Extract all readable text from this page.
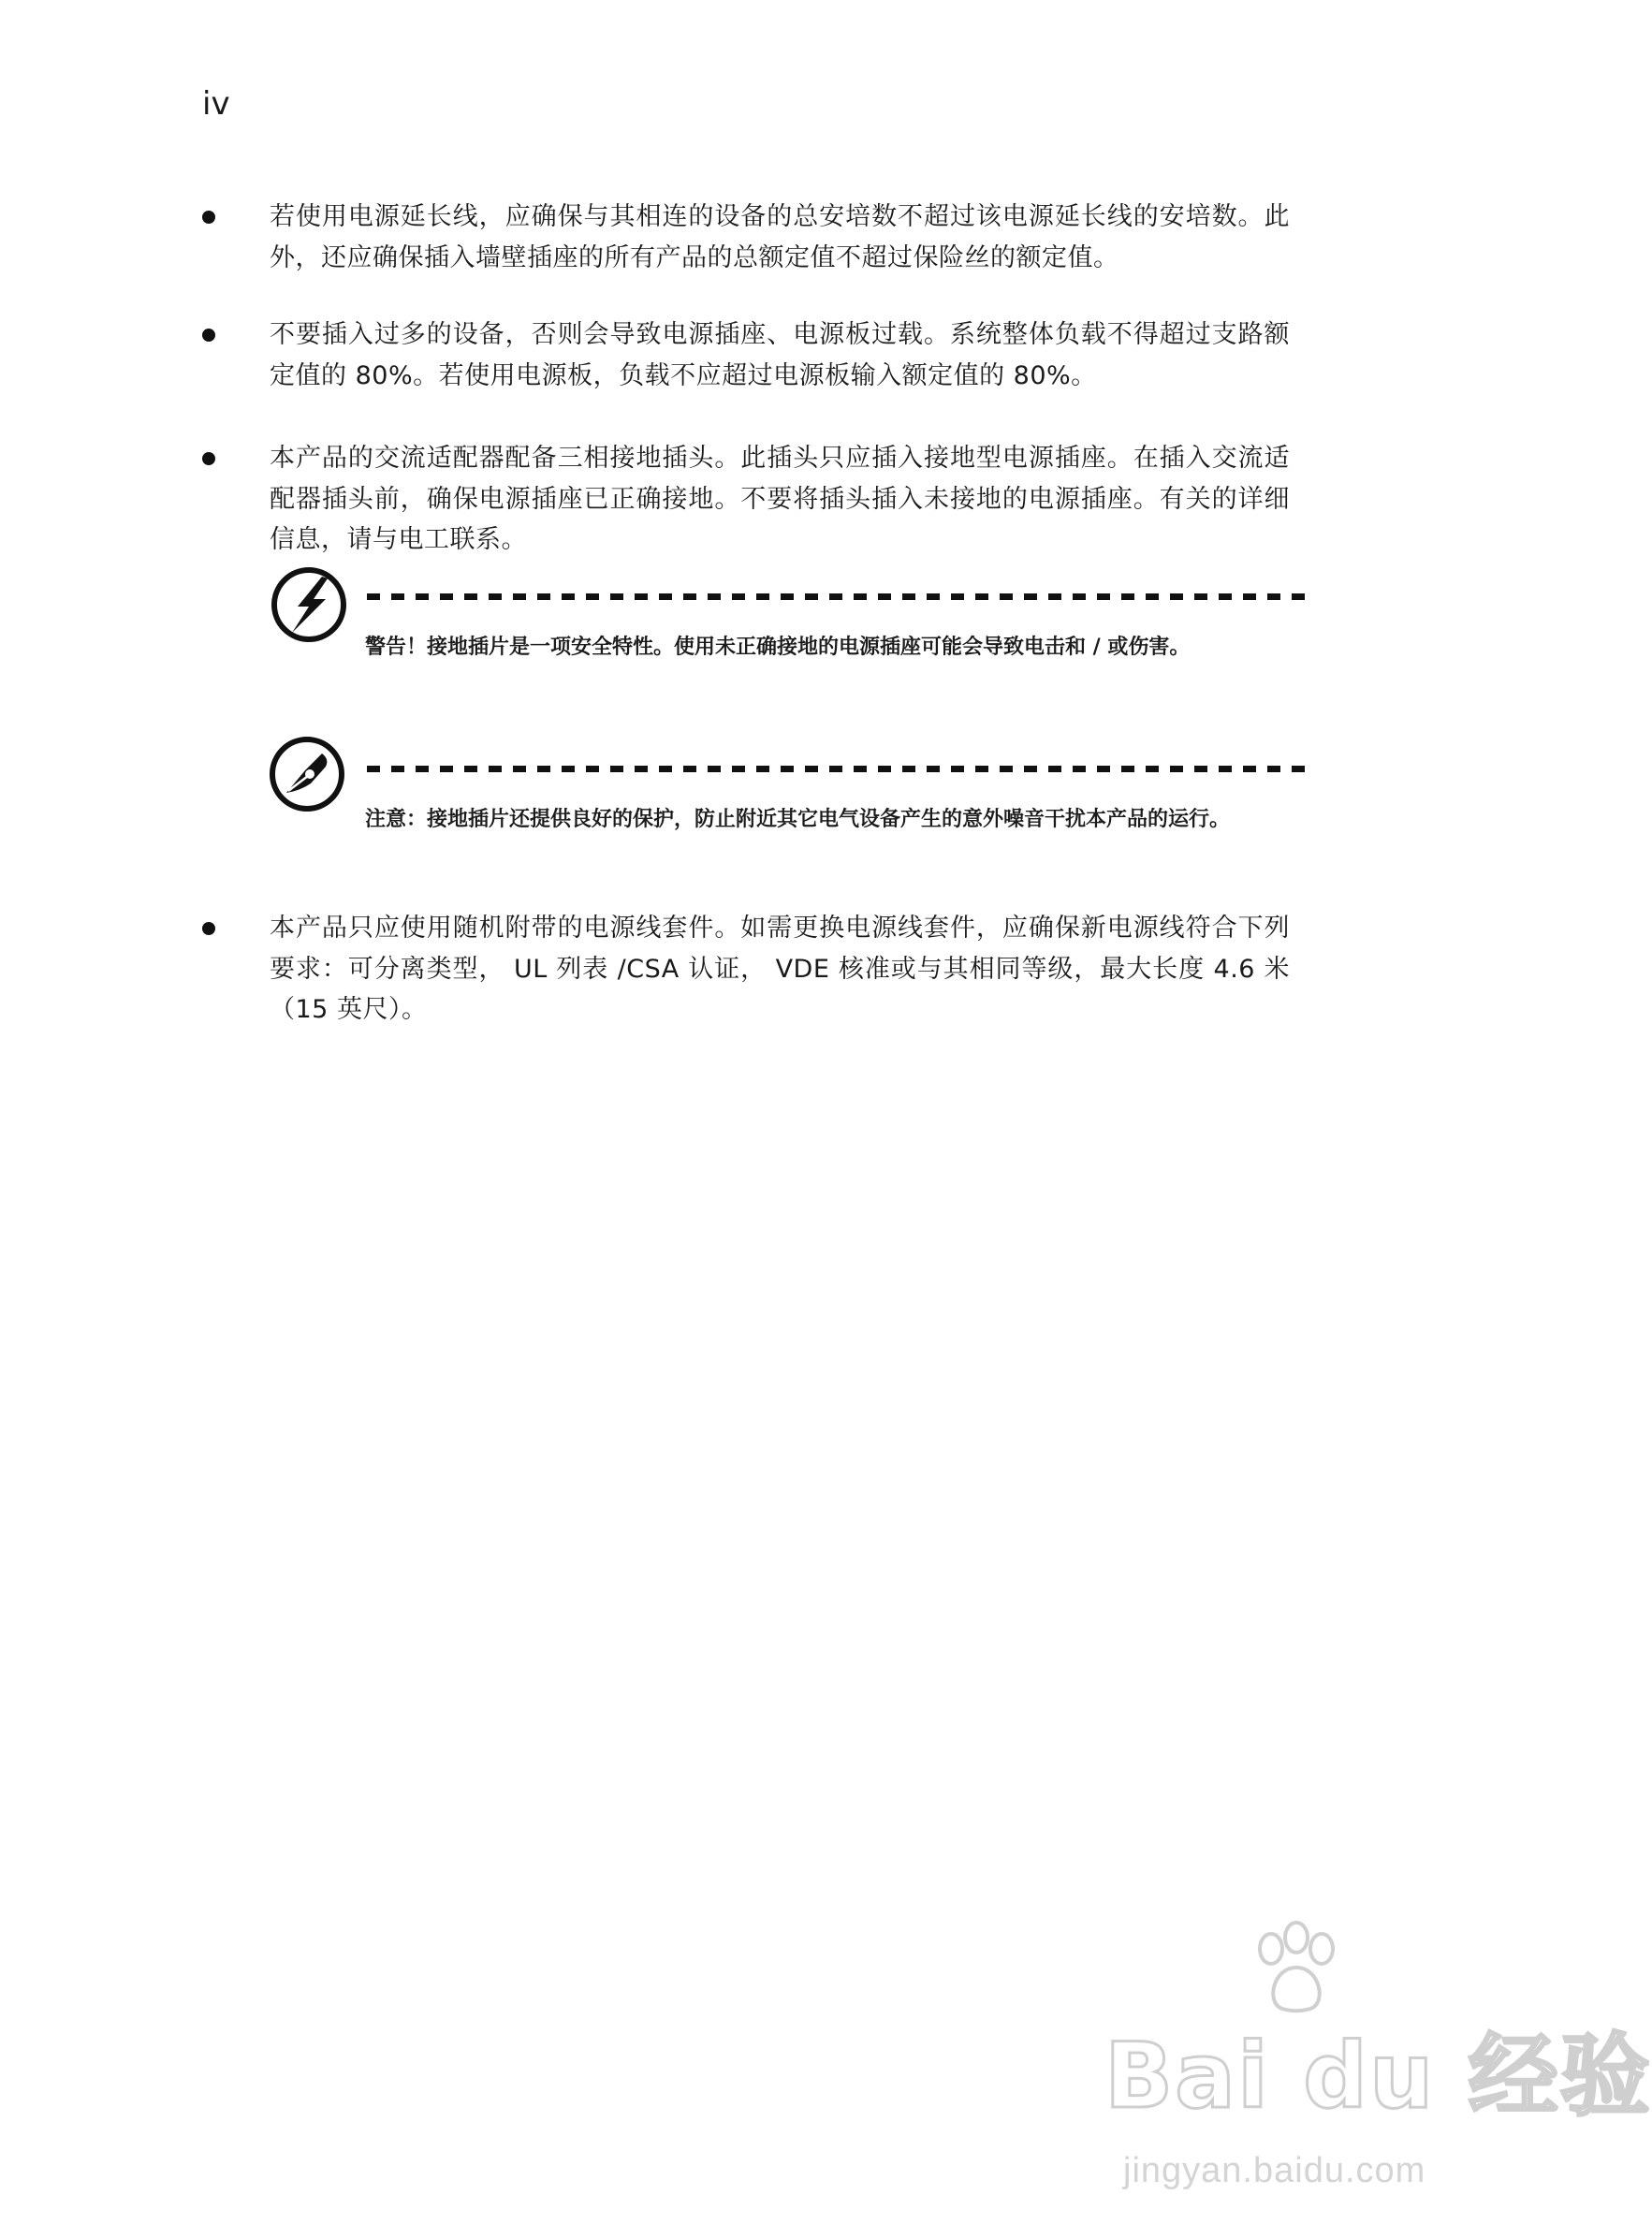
iv

若使用电源延长线，应确保与其相连的设备的总安培数不超过该电源延长线的安培数。此外，还应确保插入墙壁插座的所有产品的总额定值不超过保险丝的额定值。

不要插入过多的设备，否则会导致电源插座、电源板过载。系统整体负载不得超过支路额定值的 80%。若使用电源板，负载不应超过电源板输入额定值的 80%。

本产品的交流适配器配备三相接地插头。此插头只应插入接地型电源插座。在插入交流适配器插头前，确保电源插座已正确接地。不要将插头插入未接地的电源插座。有关的详细信息，请与电工联系。

警告！接地插片是一项安全特性。使用未正确接地的电源插座可能会导致电击和 / 或伤害。

注意：接地插片还提供良好的保护，防止附近其它电气设备产生的意外噪音干扰本产品的运行。

本产品只应使用随机附带的电源线套件。如需更换电源线套件，应确保新电源线符合下列要求：可分离类型， UL 列表 /CSA 认证， VDE 核准或与其相同等级，最大长度 4.6 米 （15 英尺）。

Bai du 经验
jingyan.baidu.com
